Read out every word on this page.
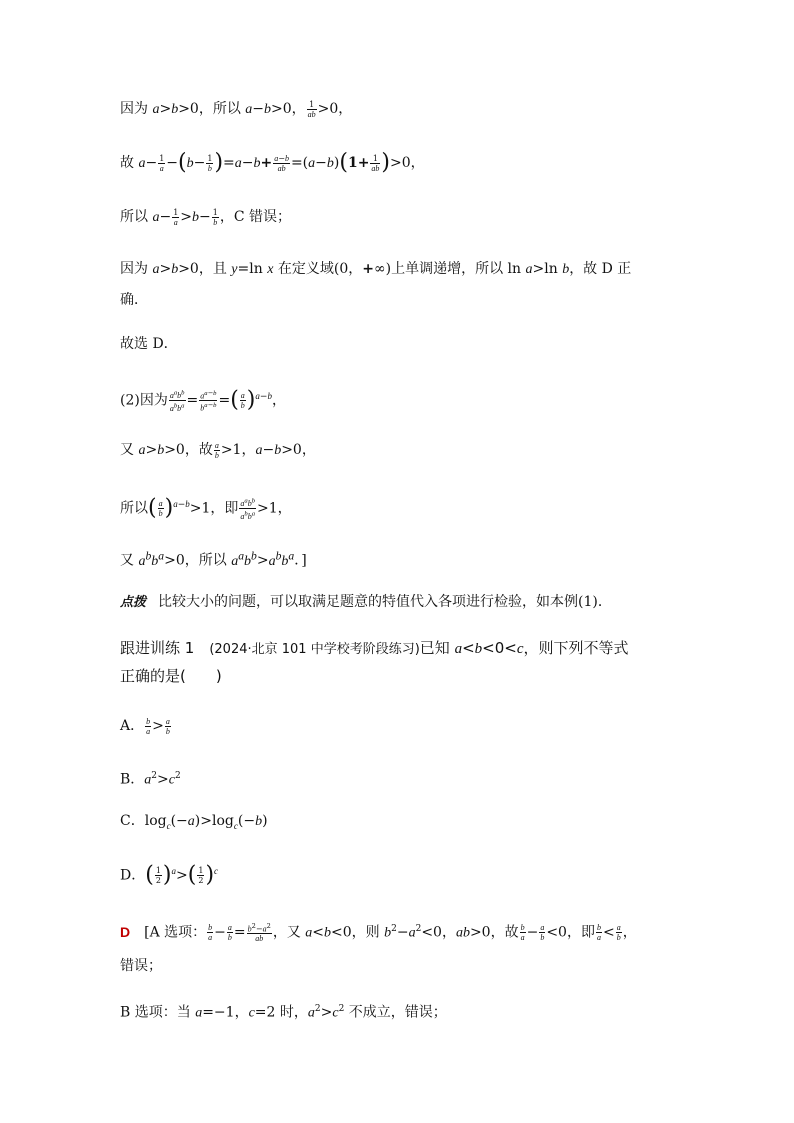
因为 a>b>0，所以 a−b>0， $\frac{1}{ab} >0$，
故 $a- \frac{1}{a} -(b- \frac{1}{b} )=a-b+ \frac{a-b}{ab} =(a-b)(1+ \frac{1}{ab} )>0$，
所以 $a- \frac{1}{a} >b- \frac{1}{b}$ ，C 错误；
因为 a>b>0，且 y=ln x 在定义域(0，+∞)上单调递增，所以 ln a>ln b，故 D 正
确．
故选 D．
(2)因为 $\frac{a^ab^b}{a^bb^a} = \frac{a^{a-b}}{b^{a-b}}$ =( $\frac{a}{b} )^{a-b}$，
又 a>b>0，故 $\frac{a}{b} >1$，a−b>0，
所以( $\frac{a}{b} )^{a-b}>1$，即 $\frac{a^ab^b}{a^bb^a} >1$，
又 $a^bb^a>0$，所以 $a^ab^b>a^bb^a$．]
点拨 比较大小的问题，可以取满足题意的特值代入各项进行检验，如本例(1)．
跟进训练 1　 (2024·北京 101 中学校考阶段练习)已知 a<b<0<c，则下列不等式
正确的是(　　)
A． $\frac{b}{a} > \frac{a}{b}$
B．$a^2>c^2$
C．$\log_c(-a)>\log_c(-b)$
D．( $\frac{1}{2} )^a>( \frac{1}{2} )^c$
D [A 选项： $\frac{b}{a} - \frac{a}{b} = \frac{b^2-a^2}{ab}$ ，又 a<b<0，则 $b^2-a^2<0$，ab>0，故 $\frac{b}{a} - \frac{a}{b} <0$，即 $\frac{b}{a} < \frac{a}{b}$ ，
错误；
B 选项：当 a=−1，c=2 时，$a^2>c^2$ 不成立，错误；
